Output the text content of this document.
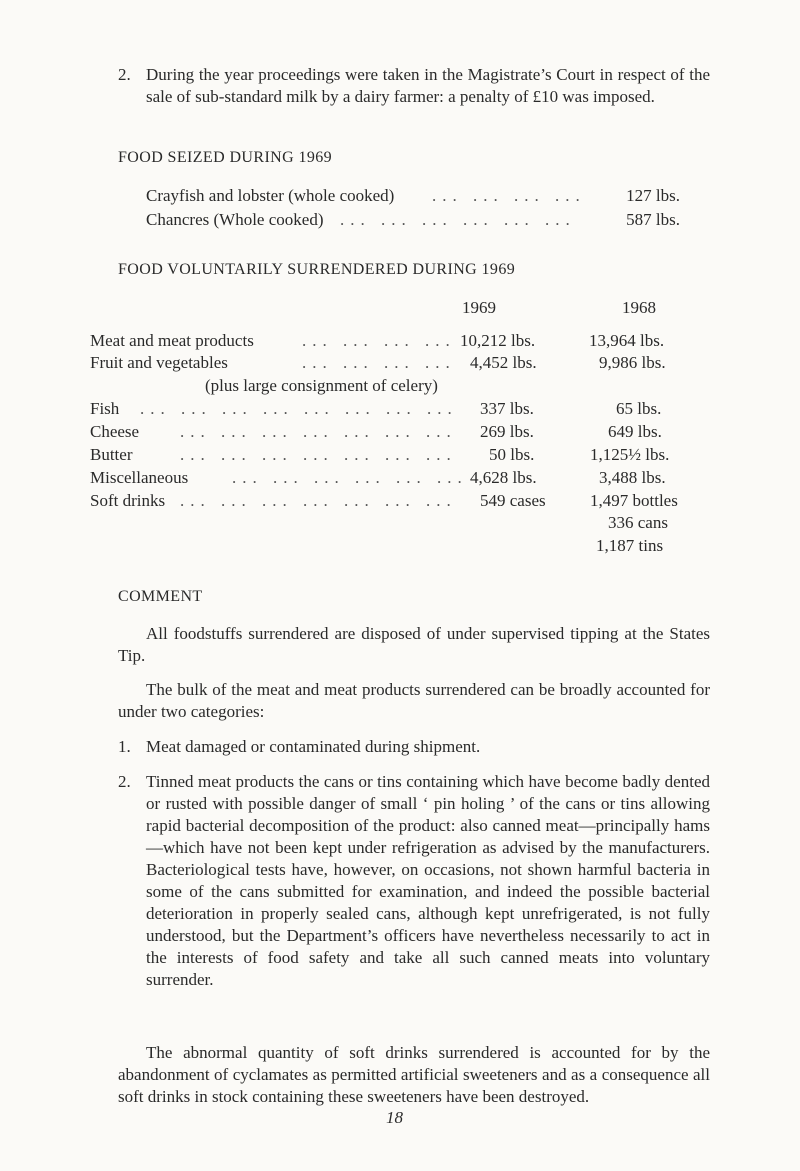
2. During the year proceedings were taken in the Magistrate’s Court in respect of the sale of sub-standard milk by a dairy farmer: a penalty of £10 was imposed.

FOOD SEIZED DURING 1969
Crayfish and lobster (whole cooked) ... ... ... ...	127 lbs.
Chancres (Whole cooked) ... ... ... ... ... ...	587 lbs.
FOOD VOLUNTARILY SURRENDERED DURING 1969
1969	1968
Meat and meat products	... ... ... ... 10,212 lbs.	13,964 lbs.
Fruit and vegetables	... ... ... ... 4,452 lbs.	9,986 lbs.
(plus large consignment of celery)
Fish ... ... ... ... ... ... ... ... 337 lbs.	65 lbs.
Cheese ... ... ... ... ... ... ... 269 lbs.	649 lbs.
Butter	... ... ... ... ... ... ... 50 lbs.	1,125½ lbs.
Miscellaneous	... ... ... ... ... ... 4,628 lbs.	3,488 lbs.
Soft drinks ... ... ... ... ... ... ... 549 cases	1,497 bottles
336 cans
1,187 tins
COMMENT

All foodstuffs surrendered are disposed of under supervised tipping at the States Tip.

The bulk of the meat and meat products surrendered can be broadly accounted for under two categories:

1. Meat damaged or contaminated during shipment.

2. Tinned meat products the cans or tins containing which have become badly dented or rusted with possible danger of small ‘ pin holing ’ of the cans or tins allowing rapid bacterial decomposition of the product: also canned meat—principally hams—which have not been kept under refrigeration as advised by the manufacturers. Bacteriological tests have, however, on occasions, not shown harmful bacteria in some of the cans submitted for examination, and indeed the possible bacterial deterioration in properly sealed cans, although kept unrefrigerated, is not fully understood, but the Department’s officers have nevertheless necessarily to act in the interests of food safety and take all such canned meats into voluntary surrender.

The abnormal quantity of soft drinks surrendered is accounted for by the abandonment of cyclamates as permitted artificial sweeteners and as a consequence all soft drinks in stock containing these sweeteners have been destroyed.

18
